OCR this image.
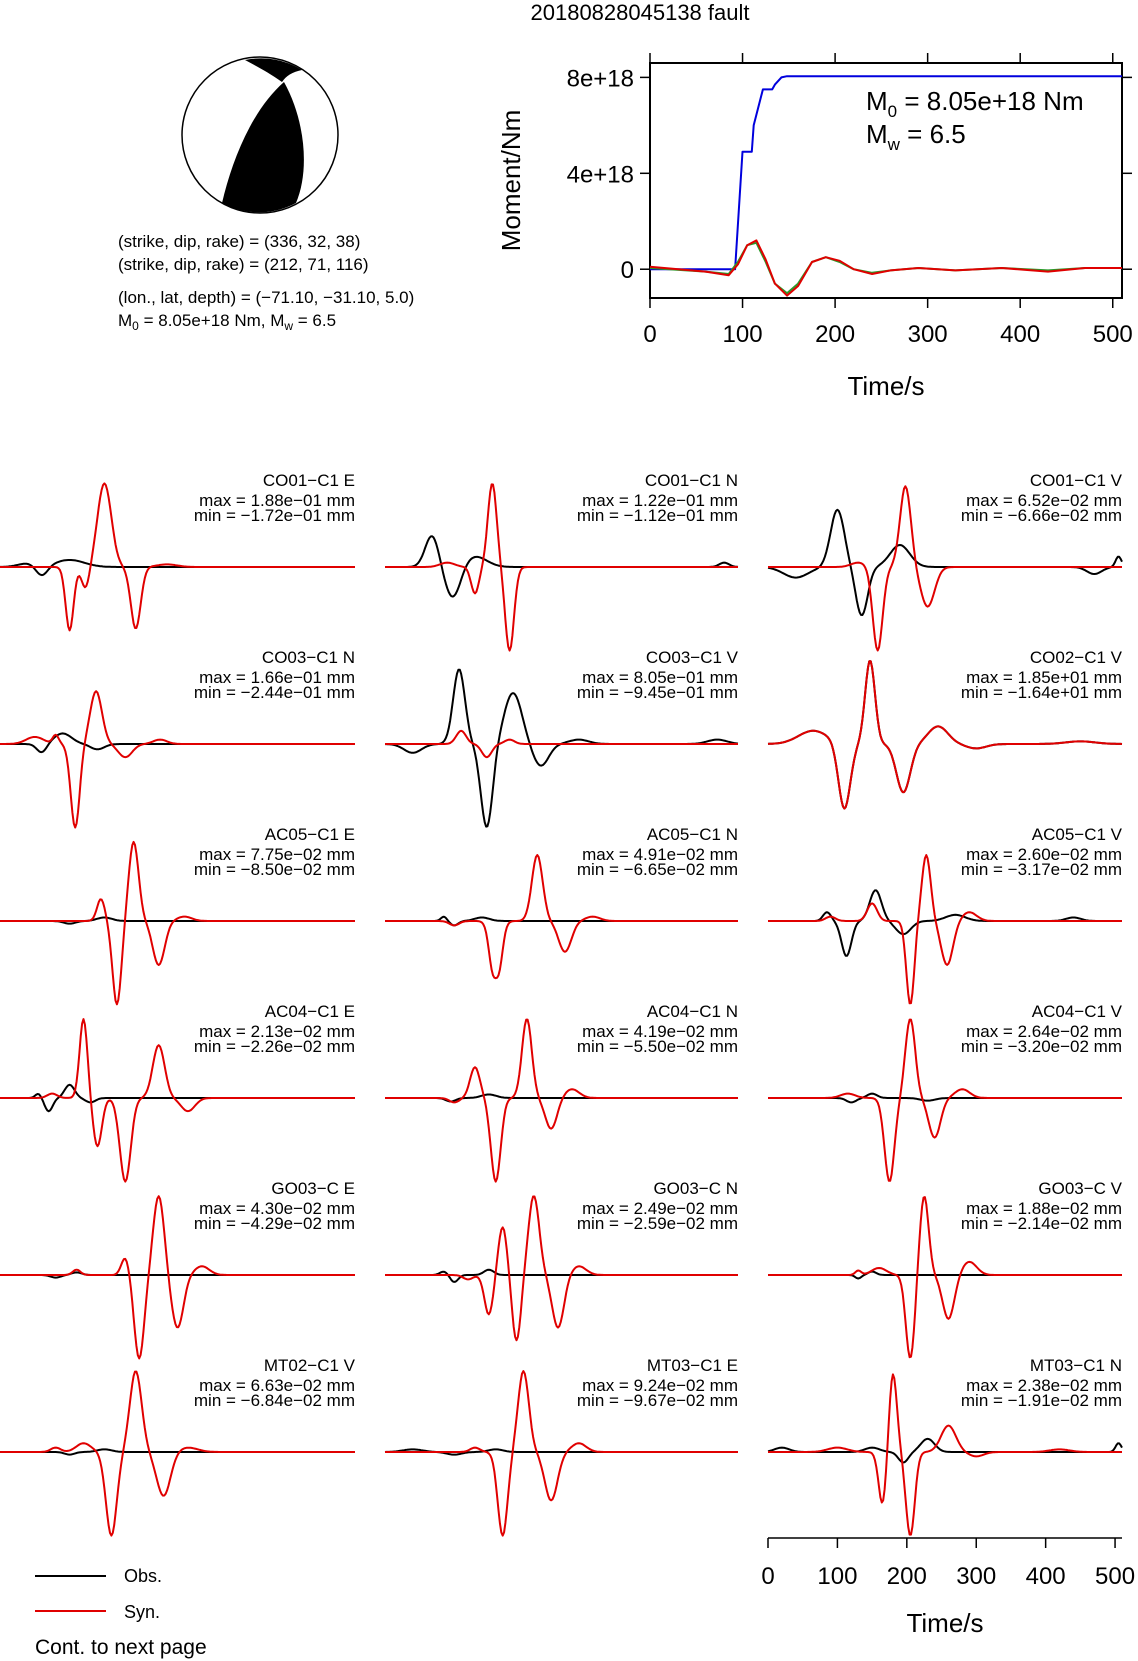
20180828045138 fault
(strike, dip, rake) = (336, 32, 38)
(strike, dip, rake) = (212, 71, 116)
(lon., lat, depth) = (−71.10, −31.10, 5.0)
$M_0 = 8.05e+18$ Nm, $M_w = 6.5$
0	100 200 300 400 500
0
4e+18
8e+18
Time/s
Moment/Nm
$M_0 = 8.05e+18$ Nm
$M_w = 6.5$
CO01−C1 E
max = 1.88e−01 mm
min = −1.72e−01 mm
CO01−C1 N
max = 1.22e−01 mm
min = −1.12e−01 mm
CO01−C1 V
max = 6.52e−02 mm
min = −6.66e−02 mm
CO03−C1 N
max = 1.66e−01 mm
min = −2.44e−01 mm
CO03−C1 V
max = 8.05e−01 mm
min = −9.45e−01 mm
CO02−C1 V
max = 1.85e+01 mm
min = −1.64e+01 mm
AC05−C1 E
max = 7.75e−02 mm
min = −8.50e−02 mm
AC05−C1 N
max = 4.91e−02 mm
min = −6.65e−02 mm
AC05−C1 V
max = 2.60e−02 mm
min = −3.17e−02 mm
AC04−C1 E
max = 2.13e−02 mm
min = −2.26e−02 mm
AC04−C1 N
max = 4.19e−02 mm
min = −5.50e−02 mm
AC04−C1 V
max = 2.64e−02 mm
min = −3.20e−02 mm
GO03−C E
max = 4.30e−02 mm
min = −4.29e−02 mm
GO03−C N
max = 2.49e−02 mm
min = −2.59e−02 mm
GO03−C V
max = 1.88e−02 mm
min = −2.14e−02 mm
MT02−C1 V
max = 6.63e−02 mm
min = −6.84e−02 mm
MT03−C1 E
max = 9.24e−02 mm
min = −9.67e−02 mm
MT03−C1 N
max = 2.38e−02 mm
min = −1.91e−02 mm
0 100 200 300 400 500
Time/s
Obs.
Syn.
Cont. to next page
